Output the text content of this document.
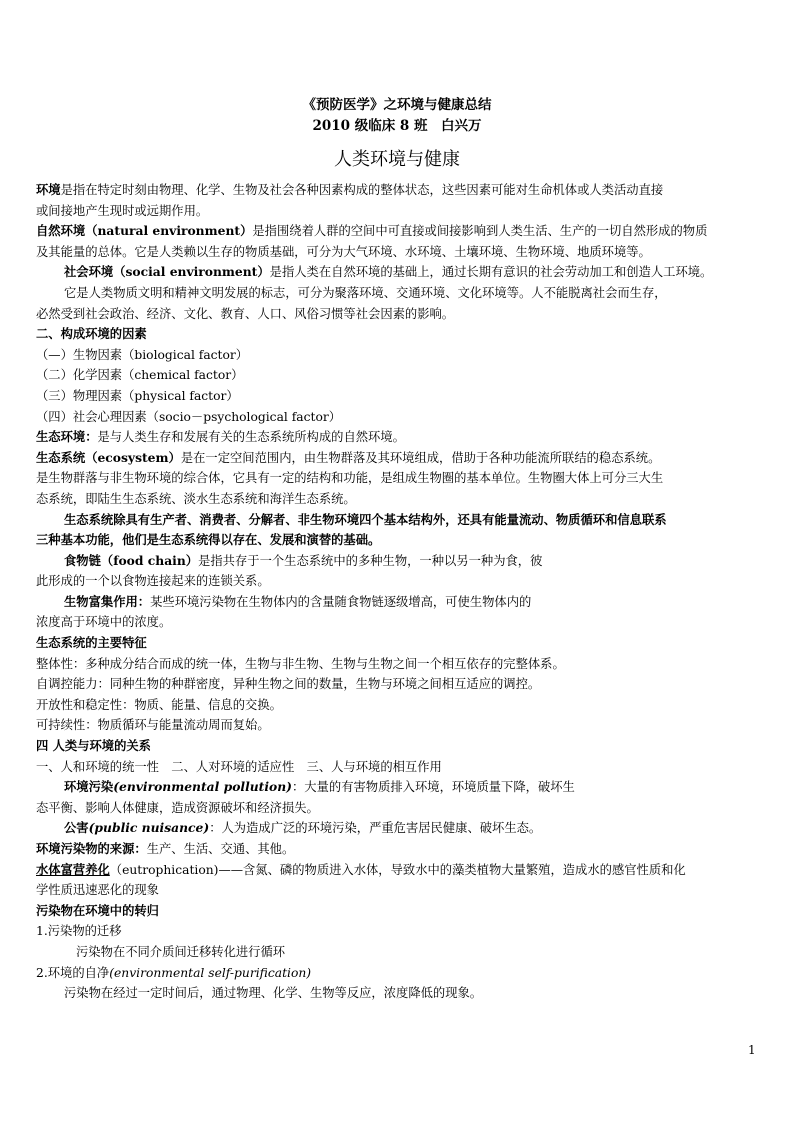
《预防医学》之环境与健康总结
2010 级临床 8 班　白兴万
人类环境与健康

环境是指在特定时刻由物理、化学、生物及社会各种因素构成的整体状态，这些因素可能对生命机体或人类活动直接

或间接地产生现时或远期作用。

自然环境（natural environment）是指围绕着人群的空间中可直接或间接影响到人类生活、生产的一切自然形成的物质

及其能量的总体。它是人类赖以生存的物质基础，可分为大气环境、水环境、土壤环境、生物环境、地质环境等。

社会环境（social environment）是指人类在自然环境的基础上，通过长期有意识的社会劳动加工和创造人工环境。

它是人类物质文明和精神文明发展的标志，可分为聚落环境、交通环境、文化环境等。人不能脱离社会而生存，

必然受到社会政治、经济、文化、教育、人口、风俗习惯等社会因素的影响。

二、构成环境的因素

（—）生物因素（biological factor）

（二）化学因素（chemical factor）

（三）物理因素（physical factor）

（四）社会心理因素（socio－psychological factor）

生态环境：是与人类生存和发展有关的生态系统所构成的自然环境。

生态系统（ecosystem）是在一定空间范围内，由生物群落及其环境组成，借助于各种功能流所联结的稳态系统。

是生物群落与非生物环境的综合体，它具有一定的结构和功能，是组成生物圈的基本单位。生物圈大体上可分三大生

态系统，即陆生生态系统、淡水生态系统和海洋生态系统。

生态系统除具有生产者、消费者、分解者、非生物环境四个基本结构外，还具有能量流动、物质循环和信息联系

三种基本功能，他们是生态系统得以存在、发展和演替的基础。

食物链（food chain）是指共存于一个生态系统中的多种生物，一种以另一种为食，彼

此形成的一个以食物连接起来的连锁关系。

生物富集作用：某些环境污染物在生物体内的含量随食物链逐级增高，可使生物体内的

浓度高于环境中的浓度。

生态系统的主要特征

整体性：多种成分结合而成的统一体，生物与非生物、生物与生物之间一个相互依存的完整体系。

自调控能力：同种生物的种群密度，异种生物之间的数量，生物与环境之间相互适应的调控。

开放性和稳定性：物质、能量、信息的交换。

可持续性：物质循环与能量流动周而复始。

四 人类与环境的关系

一、人和环境的统一性　二、人对环境的适应性　三、人与环境的相互作用

环境污染(environmental pollution)：大量的有害物质排入环境，环境质量下降，破坏生

态平衡、影响人体健康，造成资源破坏和经济损失。

公害(public nuisance)：人为造成广泛的环境污染，严重危害居民健康、破坏生态。

环境污染物的来源：生产、生活、交通、其他。

水体富营养化（eutrophication)——含氮、磷的物质进入水体，导致水中的藻类植物大量繁殖，造成水的感官性质和化

学性质迅速恶化的现象

污染物在环境中的转归

1.污染物的迁移

污染物在不同介质间迁移转化进行循环

2.环境的自净(environmental self-purification)

污染物在经过一定时间后，通过物理、化学、生物等反应，浓度降低的现象。

1
